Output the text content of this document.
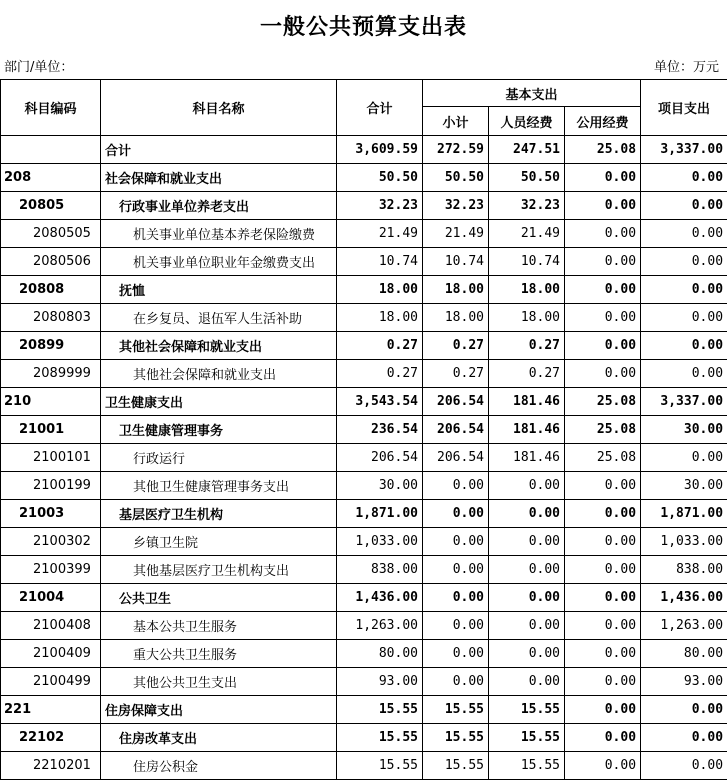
一般公共预算支出表
部门/单位：	单位：万元
科目编码	科目名称	合计	基本支出			项目支出
			小计	人员经费	公用经费	
	合计	3,609.59	272.59	247.51	25.08	3,337.00
208	社会保障和就业支出	50.50	50.50	50.50	0.00	0.00
20805	行政事业单位养老支出	32.23	32.23	32.23	0.00	0.00
2080505	机关事业单位基本养老保险缴费	21.49	21.49	21.49	0.00	0.00
2080506	机关事业单位职业年金缴费支出	10.74	10.74	10.74	0.00	0.00
20808	抚恤	18.00	18.00	18.00	0.00	0.00
2080803	在乡复员、退伍军人生活补助	18.00	18.00	18.00	0.00	0.00
20899	其他社会保障和就业支出	0.27	0.27	0.27	0.00	0.00
2089999	其他社会保障和就业支出	0.27	0.27	0.27	0.00	0.00
210	卫生健康支出	3,543.54	206.54	181.46	25.08	3,337.00
21001	卫生健康管理事务	236.54	206.54	181.46	25.08	30.00
2100101	行政运行	206.54	206.54	181.46	25.08	0.00
2100199	其他卫生健康管理事务支出	30.00	0.00	0.00	0.00	30.00
21003	基层医疗卫生机构	1,871.00	0.00	0.00	0.00	1,871.00
2100302	乡镇卫生院	1,033.00	0.00	0.00	0.00	1,033.00
2100399	其他基层医疗卫生机构支出	838.00	0.00	0.00	0.00	838.00
21004	公共卫生	1,436.00	0.00	0.00	0.00	1,436.00
2100408	基本公共卫生服务	1,263.00	0.00	0.00	0.00	1,263.00
2100409	重大公共卫生服务	80.00	0.00	0.00	0.00	80.00
2100499	其他公共卫生支出	93.00	0.00	0.00	0.00	93.00
221	住房保障支出	15.55	15.55	15.55	0.00	0.00
22102	住房改革支出	15.55	15.55	15.55	0.00	0.00
2210201	住房公积金	15.55	15.55	15.55	0.00	0.00
